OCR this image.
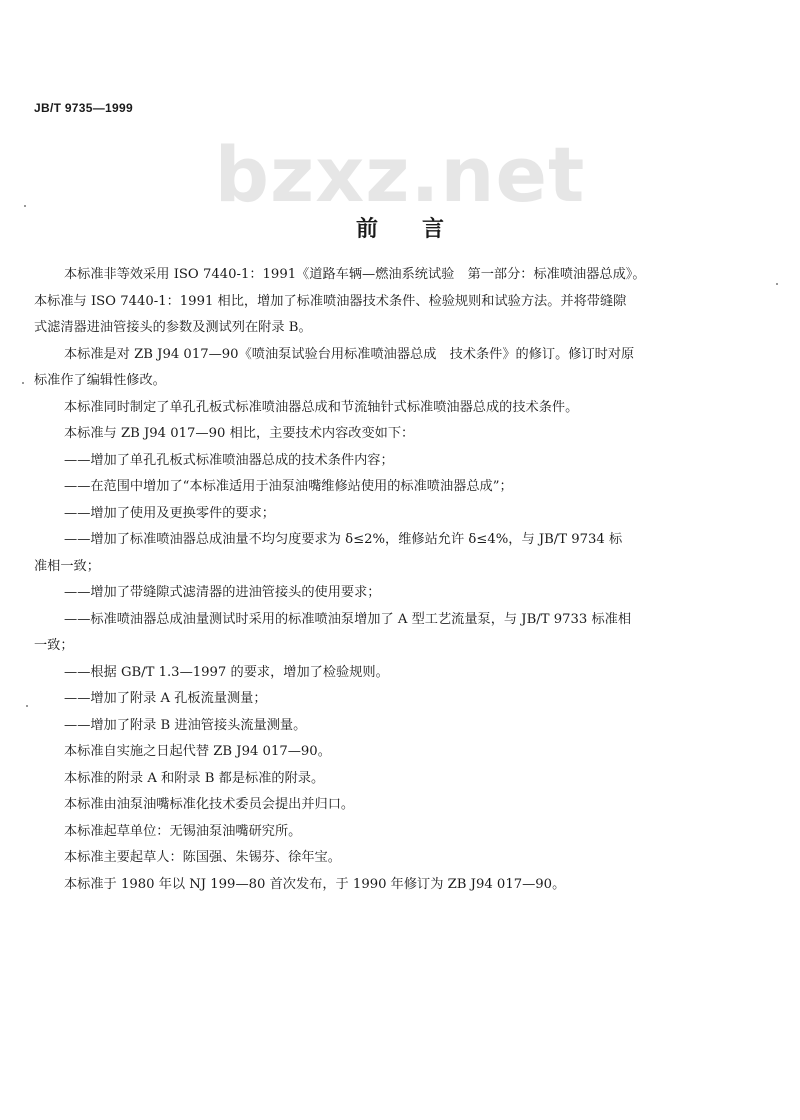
JB/T 9735—1999
bzxz.net
前言
本标准非等效采用 ISO 7440-1：1991《道路车辆—燃油系统试验　第一部分：标准喷油器总成》。
本标准与 ISO 7440-1：1991 相比，增加了标准喷油器技术条件、检验规则和试验方法。并将带缝隙
式滤清器进油管接头的参数及测试列在附录 B。
本标准是对 ZB J94 017—90《喷油泵试验台用标准喷油器总成　技术条件》的修订。修订时对原
标准作了编辑性修改。
本标准同时制定了单孔孔板式标准喷油器总成和节流轴针式标准喷油器总成的技术条件。
本标准与 ZB J94 017—90 相比，主要技术内容改变如下：
——增加了单孔孔板式标准喷油器总成的技术条件内容；
——在范围中增加了“本标准适用于油泵油嘴维修站使用的标准喷油器总成”；
——增加了使用及更换零件的要求；
——增加了标准喷油器总成油量不均匀度要求为 δ≤2%，维修站允许 δ≤4%，与 JB/T 9734 标
准相一致；
——增加了带缝隙式滤清器的进油管接头的使用要求；
——标准喷油器总成油量测试时采用的标准喷油泵增加了 A 型工艺流量泵，与 JB/T 9733 标准相
一致；
——根据 GB/T 1.3—1997 的要求，增加了检验规则。
——增加了附录 A 孔板流量测量；
——增加了附录 B 进油管接头流量测量。
本标准自实施之日起代替 ZB J94 017—90。
本标准的附录 A 和附录 B 都是标准的附录。
本标准由油泵油嘴标准化技术委员会提出并归口。
本标准起草单位：无锡油泵油嘴研究所。
本标准主要起草人：陈国强、朱锡芬、徐年宝。
本标准于 1980 年以 NJ 199—80 首次发布，于 1990 年修订为 ZB J94 017—90。
